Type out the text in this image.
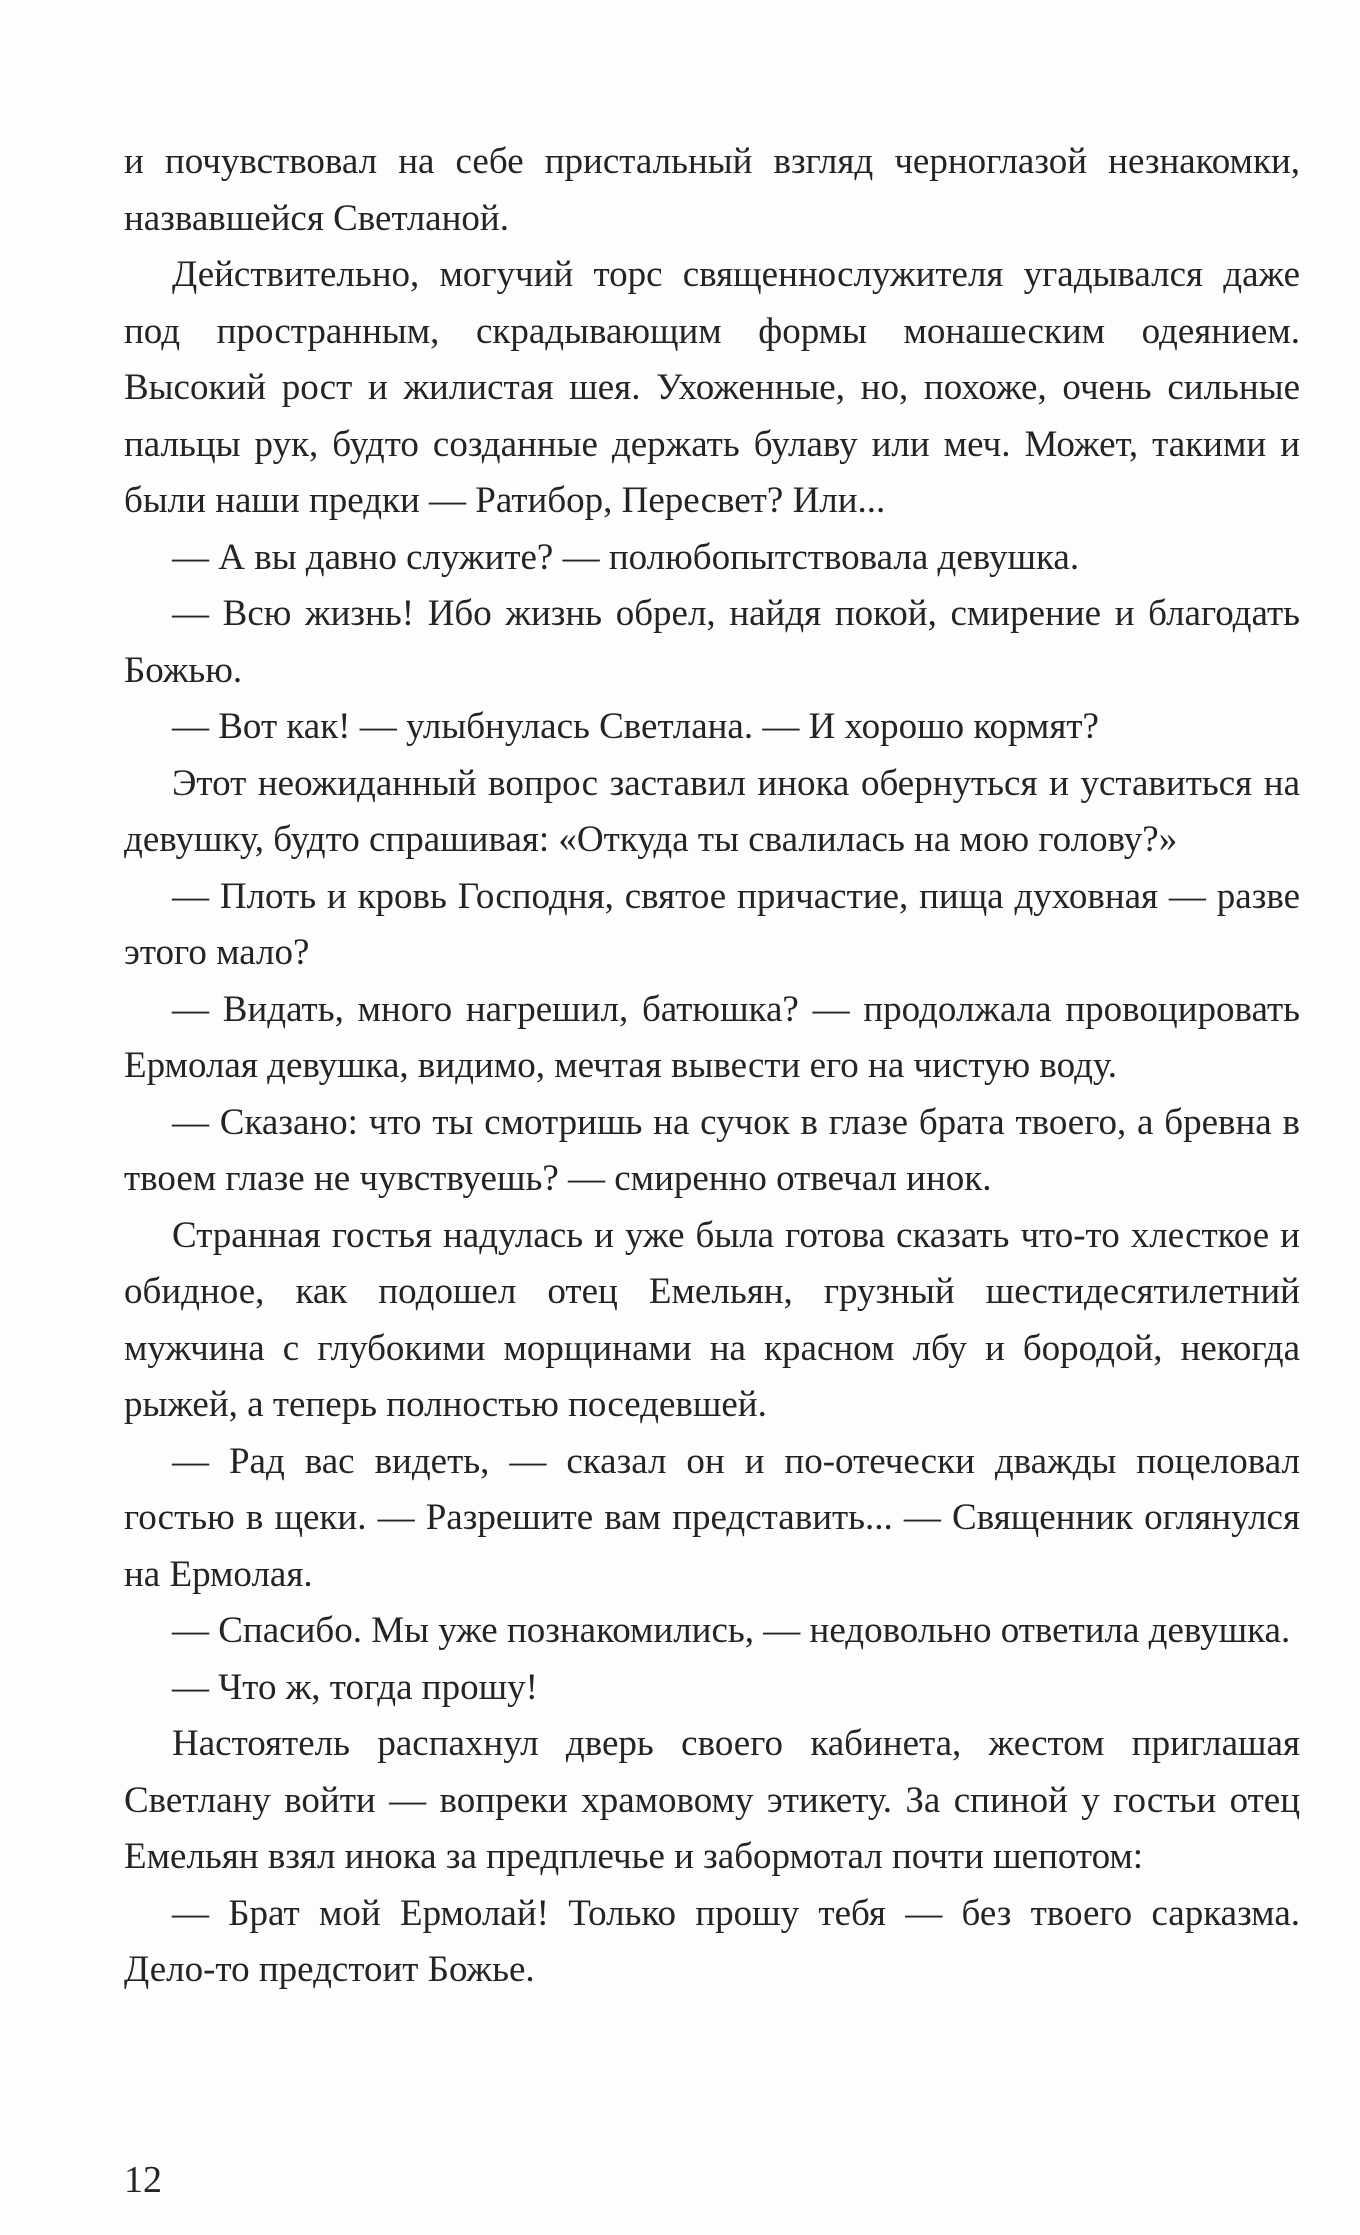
и почувствовал на себе пристальный взгляд черноглазой незнакомки, назвавшейся Светланой.

Действительно, могучий торс священнослужителя угадывался даже под пространным, скрадывающим формы монашеским одеянием. Высокий рост и жилистая шея. Ухоженные, но, похоже, очень сильные пальцы рук, будто созданные держать булаву или меч. Может, такими и были наши предки — Ратибор, Пересвет? Или...

— А вы давно служите? — полюбопытствовала девушка.

— Всю жизнь! Ибо жизнь обрел, найдя покой, смирение и благодать Божью.

— Вот как! — улыбнулась Светлана. — И хорошо кормят?

Этот неожиданный вопрос заставил инока обернуться и уставиться на девушку, будто спрашивая: «Откуда ты свалилась на мою голову?»

— Плоть и кровь Господня, святое причастие, пища духовная — разве этого мало?

— Видать, много нагрешил, батюшка? — продолжала провоцировать Ермолая девушка, видимо, мечтая вывести его на чистую воду.

— Сказано: что ты смотришь на сучок в глазе брата твоего, а бревна в твоем глазе не чувствуешь? — смиренно отвечал инок.

Странная гостья надулась и уже была готова сказать что-то хлесткое и обидное, как подошел отец Емельян, грузный шестидесятилетний мужчина с глубокими морщинами на красном лбу и бородой, некогда рыжей, а теперь полностью поседевшей.

— Рад вас видеть, — сказал он и по-отечески дважды поцеловал гостью в щеки. — Разрешите вам представить... — Священник оглянулся на Ермолая.

— Спасибо. Мы уже познакомились, — недовольно ответила девушка.

— Что ж, тогда прошу!

Настоятель распахнул дверь своего кабинета, жестом приглашая Светлану войти — вопреки храмовому этикету. За спиной у гостьи отец Емельян взял инока за предплечье и забормотал почти шепотом:

— Брат мой Ермолай! Только прошу тебя — без твоего сарказма. Дело-то предстоит Божье.

12
